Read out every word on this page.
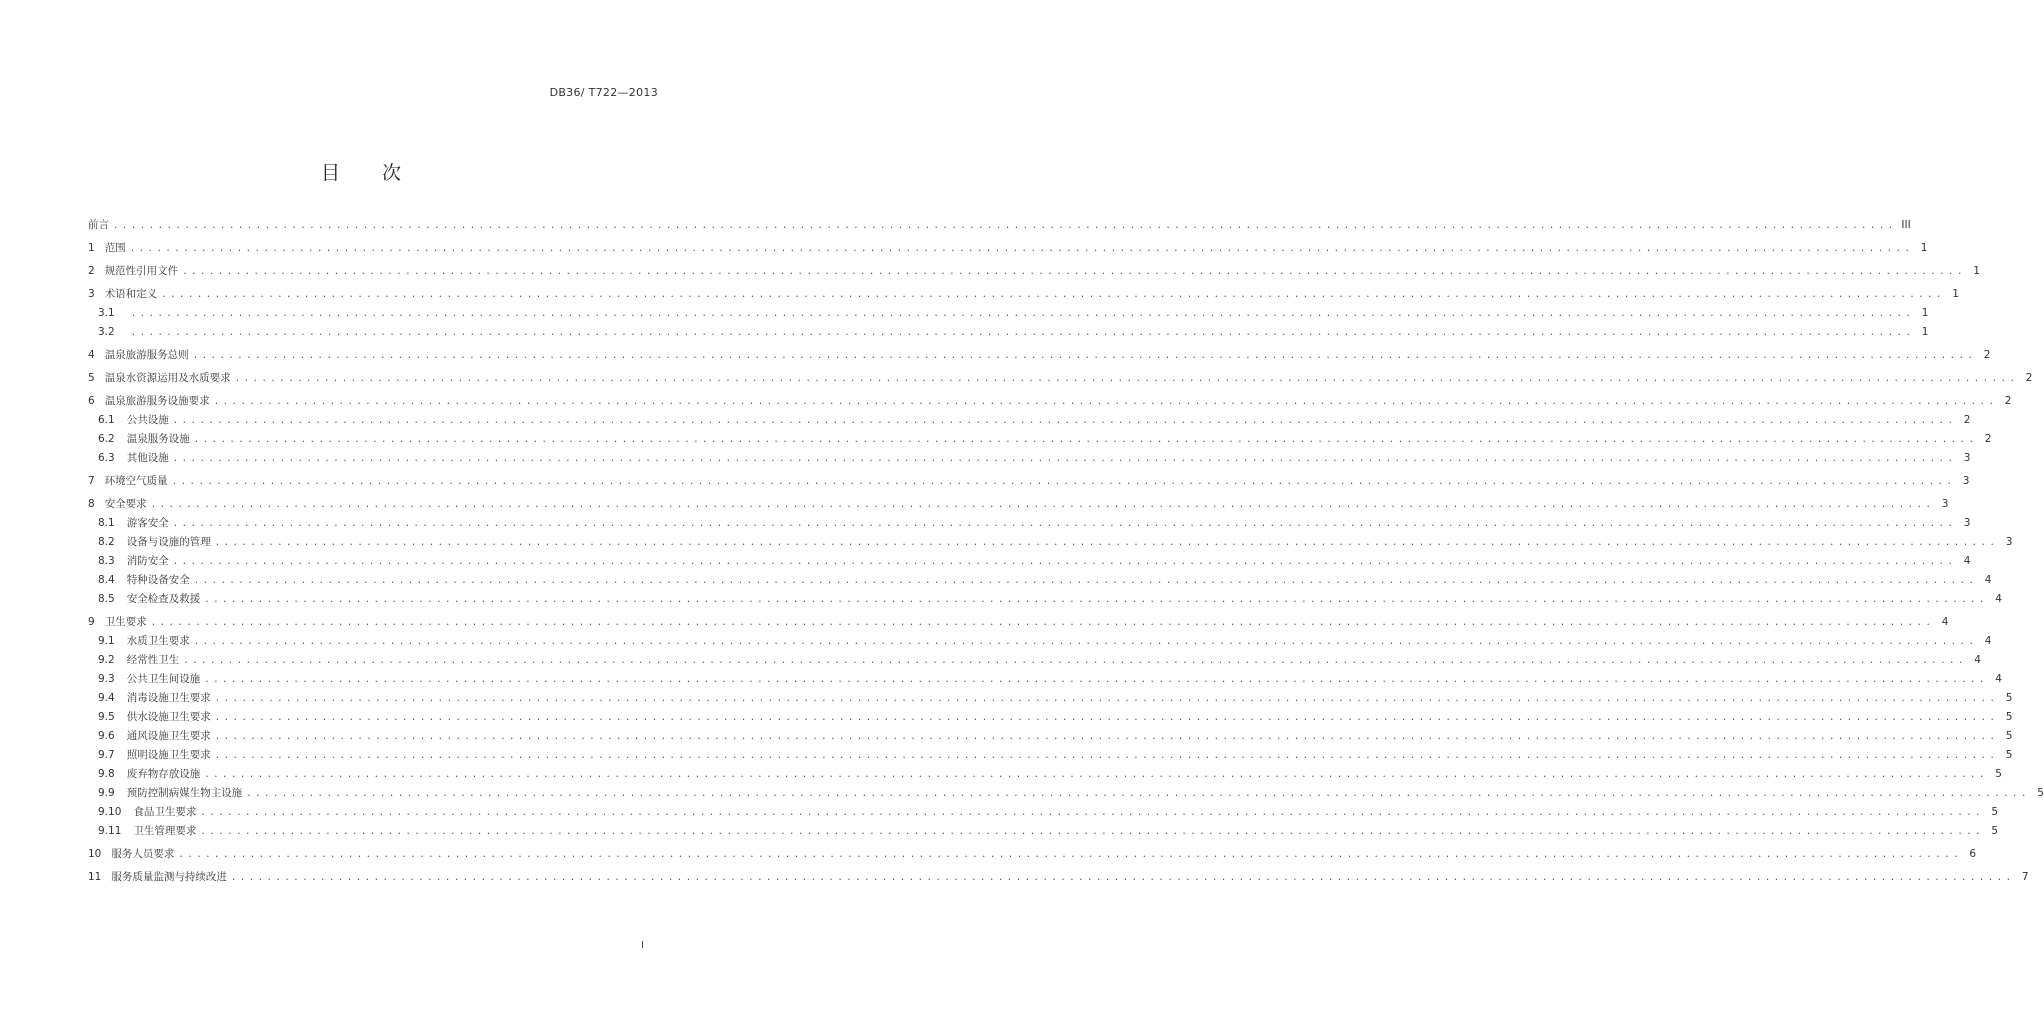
DB36/ T722—2013
目 次
前言 ........................................................................................................................................................................................................ III
1 范围 ........................................................................................................................................................................................................ 1
2 规范性引用文件 ........................................................................................................................................................................................................ 1
3 术语和定义 ........................................................................................................................................................................................................ 1
3.1 ........................................................................................................................................................................................................ 1
3.2 ........................................................................................................................................................................................................ 1
4 温泉旅游服务总则 ........................................................................................................................................................................................................ 2
5 温泉水资源运用及水质要求 ........................................................................................................................................................................................................ 2
6 温泉旅游服务设施要求 ........................................................................................................................................................................................................ 2
6.1 公共设施 ........................................................................................................................................................................................................ 2
6.2 温泉服务设施 ........................................................................................................................................................................................................ 2
6.3 其他设施 ........................................................................................................................................................................................................ 3
7 环境空气质量 ........................................................................................................................................................................................................ 3
8 安全要求 ........................................................................................................................................................................................................ 3
8.1 游客安全 ........................................................................................................................................................................................................ 3
8.2 设备与设施的管理 ........................................................................................................................................................................................................ 3
8.3 消防安全 ........................................................................................................................................................................................................ 4
8.4 特种设备安全 ........................................................................................................................................................................................................ 4
8.5 安全检查及救援 ........................................................................................................................................................................................................ 4
9 卫生要求 ........................................................................................................................................................................................................ 4
9.1 水质卫生要求 ........................................................................................................................................................................................................ 4
9.2 经常性卫生 ........................................................................................................................................................................................................ 4
9.3 公共卫生间设施 ........................................................................................................................................................................................................ 4
9.4 消毒设施卫生要求 ........................................................................................................................................................................................................ 5
9.5 供水设施卫生要求 ........................................................................................................................................................................................................ 5
9.6 通风设施卫生要求 ........................................................................................................................................................................................................ 5
9.7 照明设施卫生要求 ........................................................................................................................................................................................................ 5
9.8 废弃物存放设施 ........................................................................................................................................................................................................ 5
9.9 预防控制病媒生物主设施 ........................................................................................................................................................................................................ 5
9.10 食品卫生要求 ........................................................................................................................................................................................................ 5
9.11 卫生管理要求 ........................................................................................................................................................................................................ 5
10 服务人员要求 ........................................................................................................................................................................................................ 6
11 服务质量监测与持续改进 ........................................................................................................................................................................................................ 7
I
